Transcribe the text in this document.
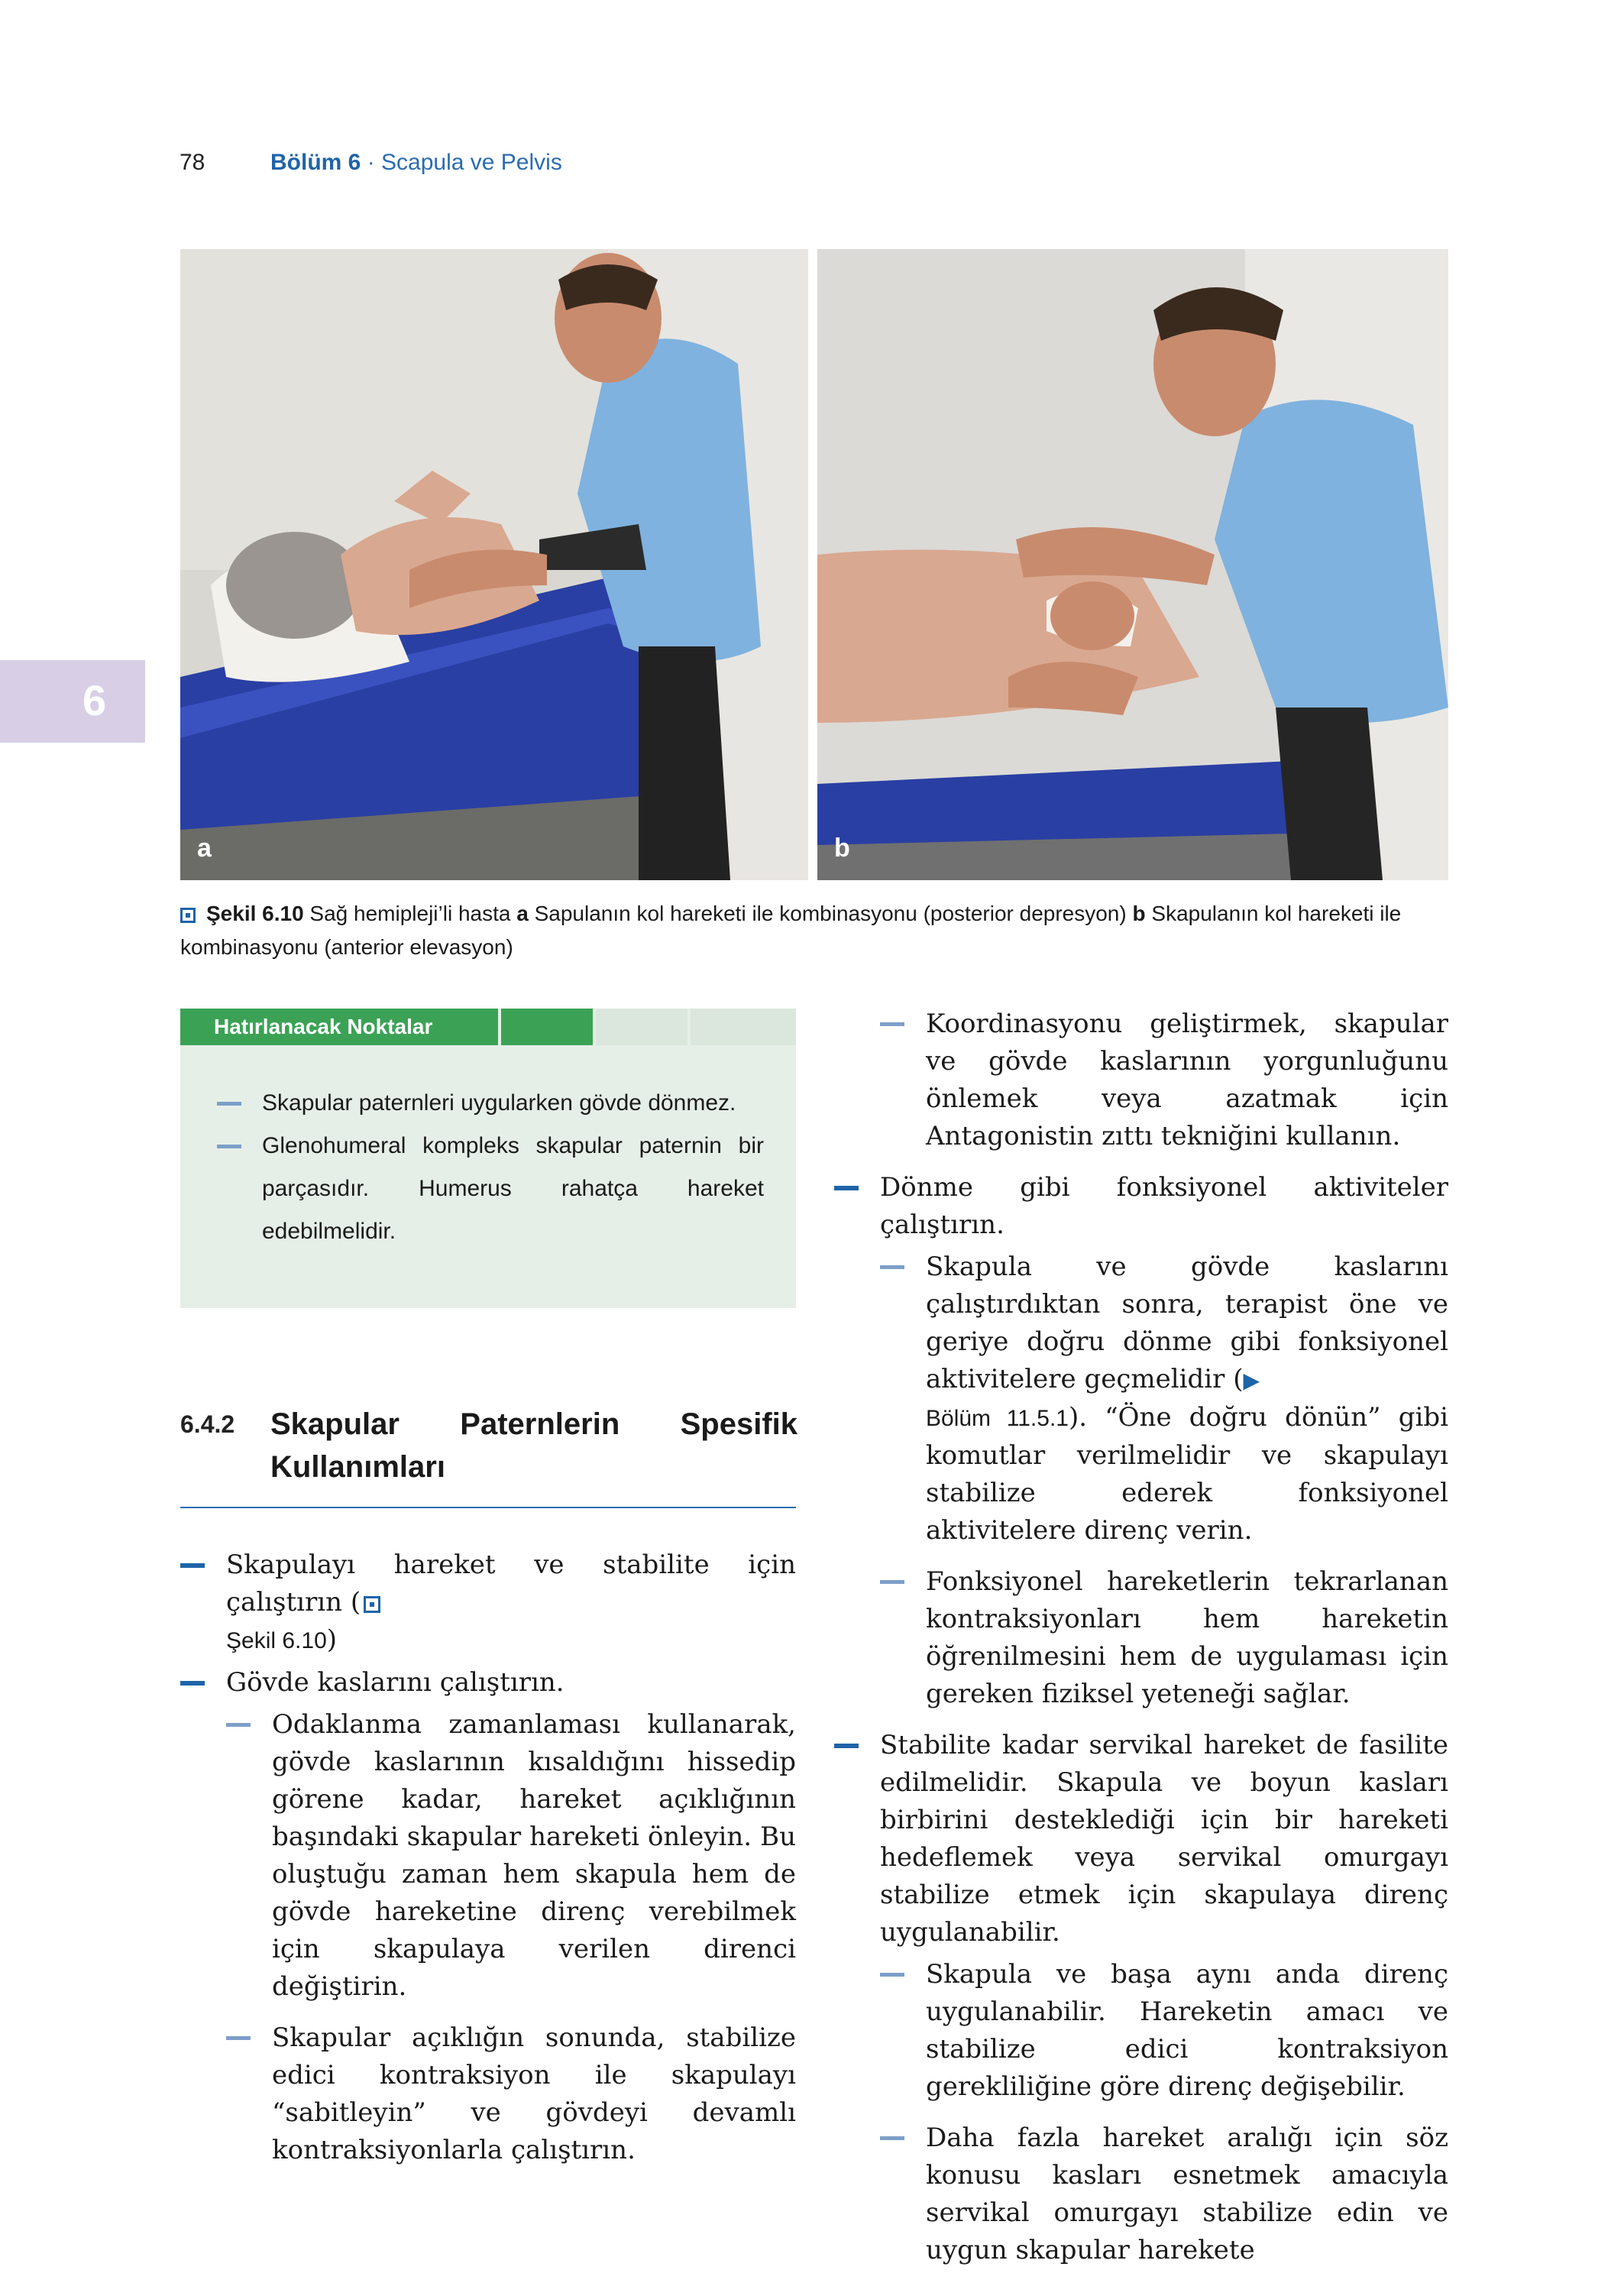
78	Bölüm 6 · Scapula ve Pelvis
6
a	b
Şekil 6.10 Sağ hemipleji’li hasta a Sapulanın kol hareketi ile kombinasyonu (posterior depresyon) b Skapulanın kol hareketi ile kombinasyonu (anterior elevasyon)
Hatırlanacak Noktalar
Skapular paternleri uygularken gövde dönmez.
Glenohumeral kompleks skapular paternin bir parçasıdır. Humerus rahatça hareket edebilmelidir.
6.4.2 Skapular Paternlerin Spesifik Kullanımları
Skapulayı hareket ve stabilite için çalıştırın (
Şekil 6.10)
Gövde kaslarını çalıştırın.
Odaklanma zamanlaması kullanarak, gövde kaslarının kısaldığını hissedip görene kadar, hareket açıklığının başındaki skapular hareketi önleyin. Bu oluştuğu zaman hem skapula hem de gövde hareketine direnç verebilmek için skapulaya verilen direnci değiştirin.
Skapular açıklığın sonunda, stabilize edici kontraksiyon ile skapulayı “sabitleyin” ve gövdeyi devamlı kontraksiyonlarla çalıştırın.
Koordinasyonu geliştirmek, skapular ve gövde kaslarının yorgunluğunu önlemek veya azatmak için Antagonistin zıttı tekniğini kullanın.
Dönme gibi fonksiyonel aktiviteler çalıştırın.
Skapula ve gövde kaslarını çalıştırdıktan sonra, terapist öne ve geriye doğru dönme gibi fonksiyonel aktivitelere geçmelidir (▶
Bölüm 11.5.1). “Öne doğru dönün” gibi komutlar verilmelidir ve skapulayı stabilize ederek fonksiyonel aktivitelere direnç verin.
Fonksiyonel hareketlerin tekrarlanan kontraksiyonları hem hareketin öğrenilmesini hem de uygulaması için gereken fiziksel yeteneği sağlar.
Stabilite kadar servikal hareket de fasilite edilmelidir. Skapula ve boyun kasları birbirini desteklediği için bir hareketi hedeflemek veya servikal omurgayı stabilize etmek için skapulaya direnç uygulanabilir.
Skapula ve başa aynı anda direnç uygulanabilir. Hareketin amacı ve stabilize edici kontraksiyon gerekliliğine göre direnç değişebilir.
Daha fazla hareket aralığı için söz konusu kasları esnetmek amacıyla servikal omurgayı stabilize edin ve uygun skapular harekete
